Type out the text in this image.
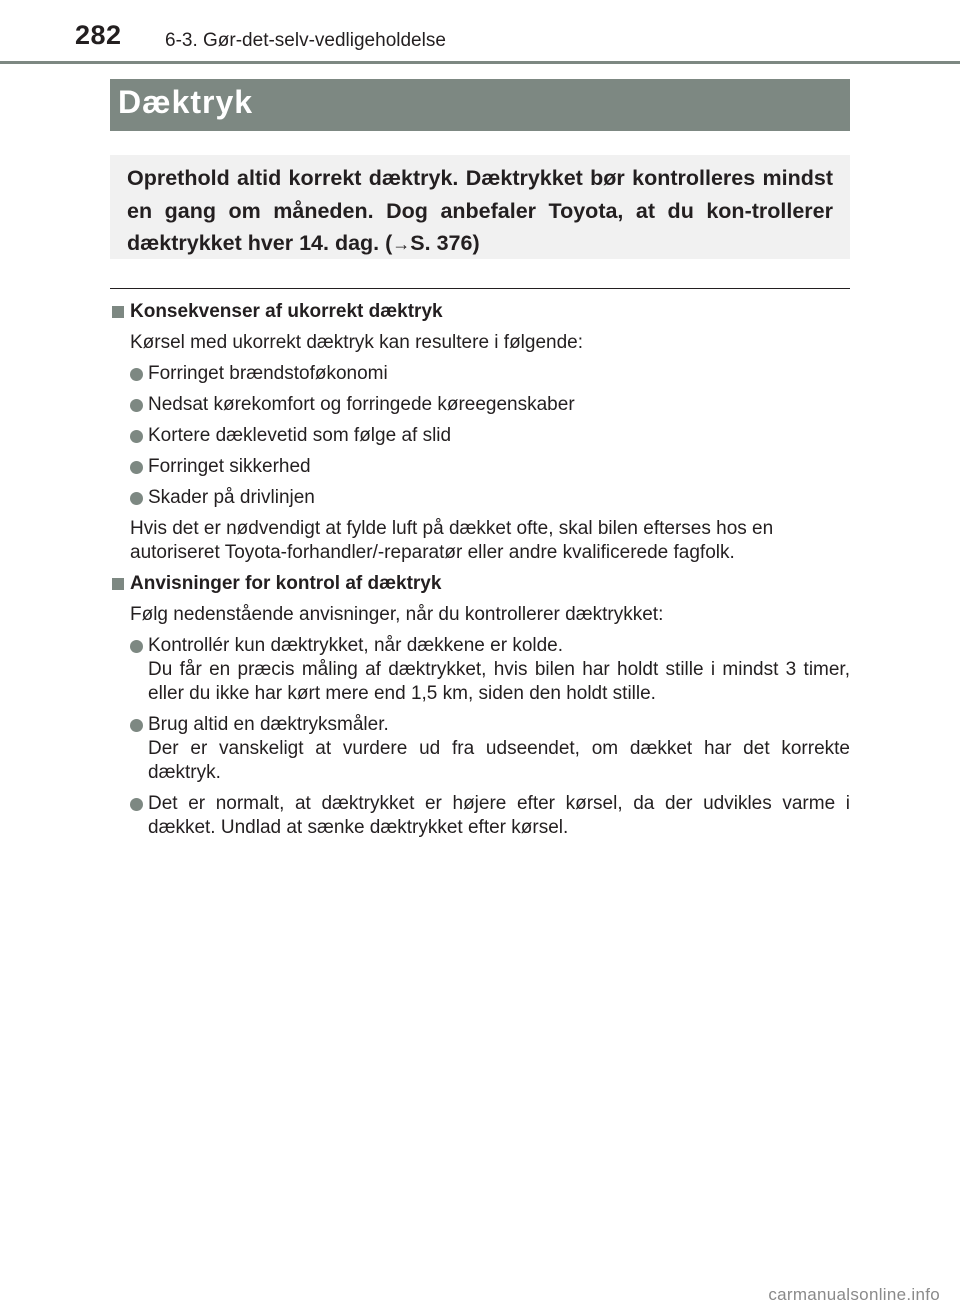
282 6-3. Gør-det-selv-vedligeholdelse
Dæktryk

Oprethold altid korrekt dæktryk. Dæktrykket bør kontrolleres mindst en gang om måneden. Dog anbefaler Toyota, at du kon-trollerer dæktrykket hver 14. dag. (→S. 376)

Konsekvenser af ukorrekt dæktryk

Kørsel med ukorrekt dæktryk kan resultere i følgende:

Forringet brændstoføkonomi
Nedsat kørekomfort og forringede køreegenskaber
Kortere dæklevetid som følge af slid
Forringet sikkerhed
Skader på drivlinjen

Hvis det er nødvendigt at fylde luft på dækket ofte, skal bilen efterses hos en autoriseret Toyota-forhandler/-reparatør eller andre kvalificerede fagfolk.

Anvisninger for kontrol af dæktryk

Følg nedenstående anvisninger, når du kontrollerer dæktrykket:

Kontrollér kun dæktrykket, når dækkene er kolde.
Du får en præcis måling af dæktrykket, hvis bilen har holdt stille i mindst 3 timer, eller du ikke har kørt mere end 1,5 km, siden den holdt stille.
Brug altid en dæktryksmåler.
Der er vanskeligt at vurdere ud fra udseendet, om dækket har det korrekte dæktryk.
Det er normalt, at dæktrykket er højere efter kørsel, da der udvikles varme i dækket. Undlad at sænke dæktrykket efter kørsel.
carmanualsonline.info
